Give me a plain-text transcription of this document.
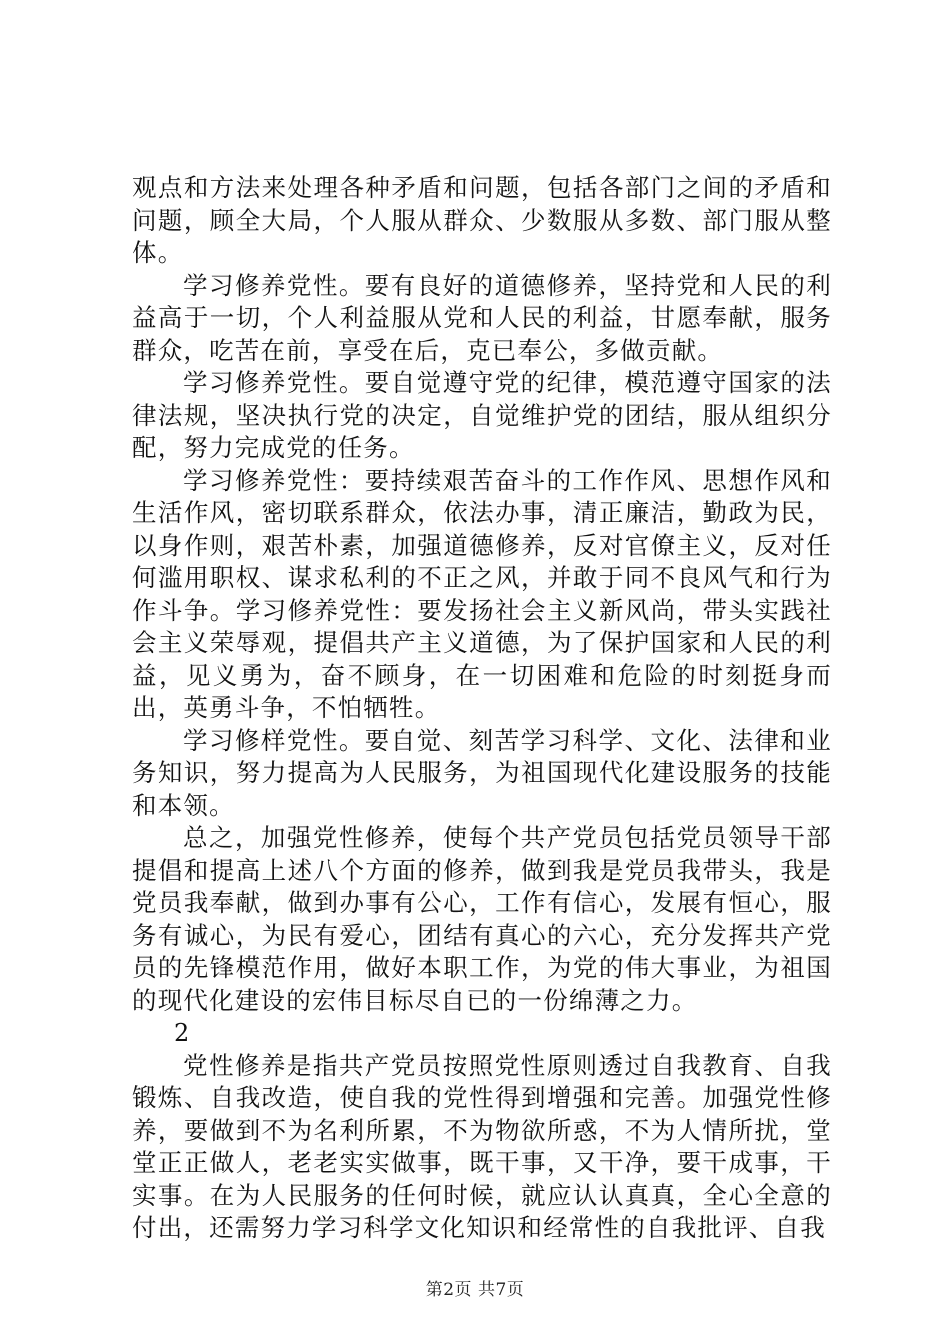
观点和方法来处理各种矛盾和问题，包括各部门之间的矛盾和问题，顾全大局，个人服从群众、少数服从多数、部门服从整体。

学习修养党性。要有良好的道德修养，坚持党和人民的利益高于一切，个人利益服从党和人民的利益，甘愿奉献，服务群众，吃苦在前，享受在后，克已奉公，多做贡献。

学习修养党性。要自觉遵守党的纪律，模范遵守国家的法律法规，坚决执行党的决定，自觉维护党的团结，服从组织分配，努力完成党的任务。

学习修养党性：要持续艰苦奋斗的工作作风、思想作风和生活作风，密切联系群众，依法办事，清正廉洁，勤政为民，以身作则，艰苦朴素，加强道德修养，反对官僚主义，反对任何滥用职权、谋求私利的不正之风，并敢于同不良风气和行为作斗争。学习修养党性：要发扬社会主义新风尚，带头实践社会主义荣辱观，提倡共产主义道德，为了保护国家和人民的利益，见义勇为，奋不顾身，在一切困难和危险的时刻挺身而出，英勇斗争，不怕牺牲。

学习修样党性。要自觉、刻苦学习科学、文化、法律和业务知识，努力提高为人民服务，为祖国现代化建设服务的技能和本领。

总之，加强党性修养，使每个共产党员包括党员领导干部提倡和提高上述八个方面的修养，做到我是党员我带头，我是党员我奉献，做到办事有公心，工作有信心，发展有恒心，服务有诚心，为民有爱心，团结有真心的六心，充分发挥共产党员的先锋模范作用，做好本职工作，为党的伟大事业，为祖国的现代化建设的宏伟目标尽自已的一份绵薄之力。

2

党性修养是指共产党员按照党性原则透过自我教育、自我锻炼、自我改造，使自我的党性得到增强和完善。加强党性修养，要做到不为名利所累，不为物欲所惑，不为人情所扰，堂堂正正做人，老老实实做事，既干事，又干净，要干成事，干实事。在为人民服务的任何时候，就应认认真真，全心全意的付出，还需努力学习科学文化知识和经常性的自我批评、自我

第2页 共7页
